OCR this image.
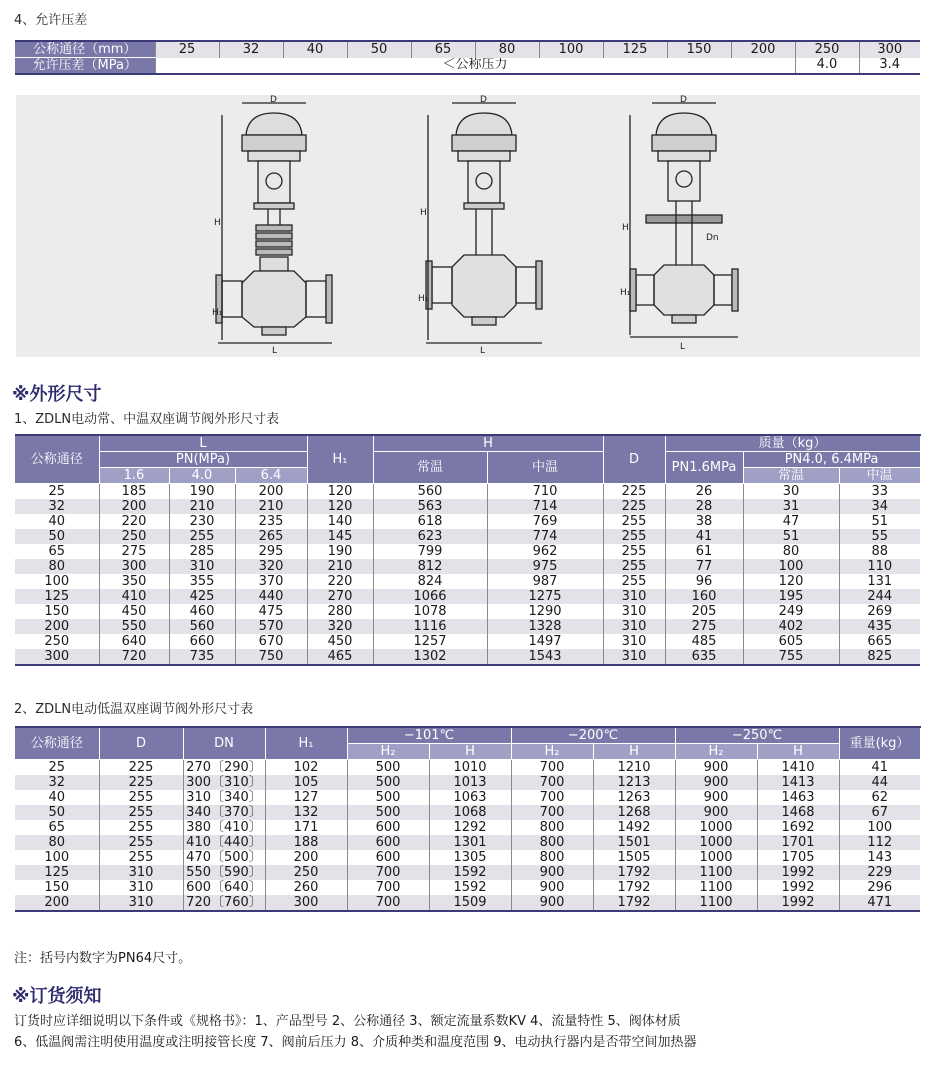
4、允许压差
公称通径（mm）	25	32	40	50	65	80	100	125	150	200	250	300
允许压差（MPa）	＜公称压力										4.0	3.4
D
H
H₁
L
D
H
H₁
L
D
H
H₁
L
Dn
※外形尺寸
1、ZDLN电动常、中温双座调节阀外形尺寸表
公称通径	L			H₁	H		D	质量（kg）		
	PN(MPa)				常温	中温		PN1.6MPa	PN4.0, 6.4MPa	
	1.6	4.0	6.4						常温	中温
25	185	190	200	120	560	710	225	26	30	33
32	200	210	210	120	563	714	225	28	31	34
40	220	230	235	140	618	769	255	38	47	51
50	250	255	265	145	623	774	255	41	51	55
65	275	285	295	190	799	962	255	61	80	88
80	300	310	320	210	812	975	255	77	100	110
100	350	355	370	220	824	987	255	96	120	131
125	410	425	440	270	1066	1275	310	160	195	244
150	450	460	475	280	1078	1290	310	205	249	269
200	550	560	570	320	1116	1328	310	275	402	435
250	640	660	670	450	1257	1497	310	485	605	665
300	720	735	750	465	1302	1543	310	635	755	825
2、ZDLN电动低温双座调节阀外形尺寸表
公称通径	D	DN	H₁	−101℃		−200℃		−250℃		重量(kg）
				H₂	H	H₂	H	H₂	H	
25	225	270〔290〕	102	500	1010	700	1210	900	1410	41
32	225	300〔310〕	105	500	1013	700	1213	900	1413	44
40	255	310〔340〕	127	500	1063	700	1263	900	1463	62
50	255	340〔370〕	132	500	1068	700	1268	900	1468	67
65	255	380〔410〕	171	600	1292	800	1492	1000	1692	100
80	255	410〔440〕	188	600	1301	800	1501	1000	1701	112
100	255	470〔500〕	200	600	1305	800	1505	1000	1705	143
125	310	550〔590〕	250	700	1592	900	1792	1100	1992	229
150	310	600〔640〕	260	700	1592	900	1792	1100	1992	296
200	310	720〔760〕	300	700	1509	900	1792	1100	1992	471
注：括号内数字为PN64尺寸。
※订货须知
订货时应详细说明以下条件或《规格书》：1、产品型号 2、公称通径 3、额定流量系数KV 4、流量特性 5、阀体材质
6、低温阀需注明使用温度或注明接管长度 7、阀前后压力 8、介质种类和温度范围 9、电动执行器内是否带空间加热器
